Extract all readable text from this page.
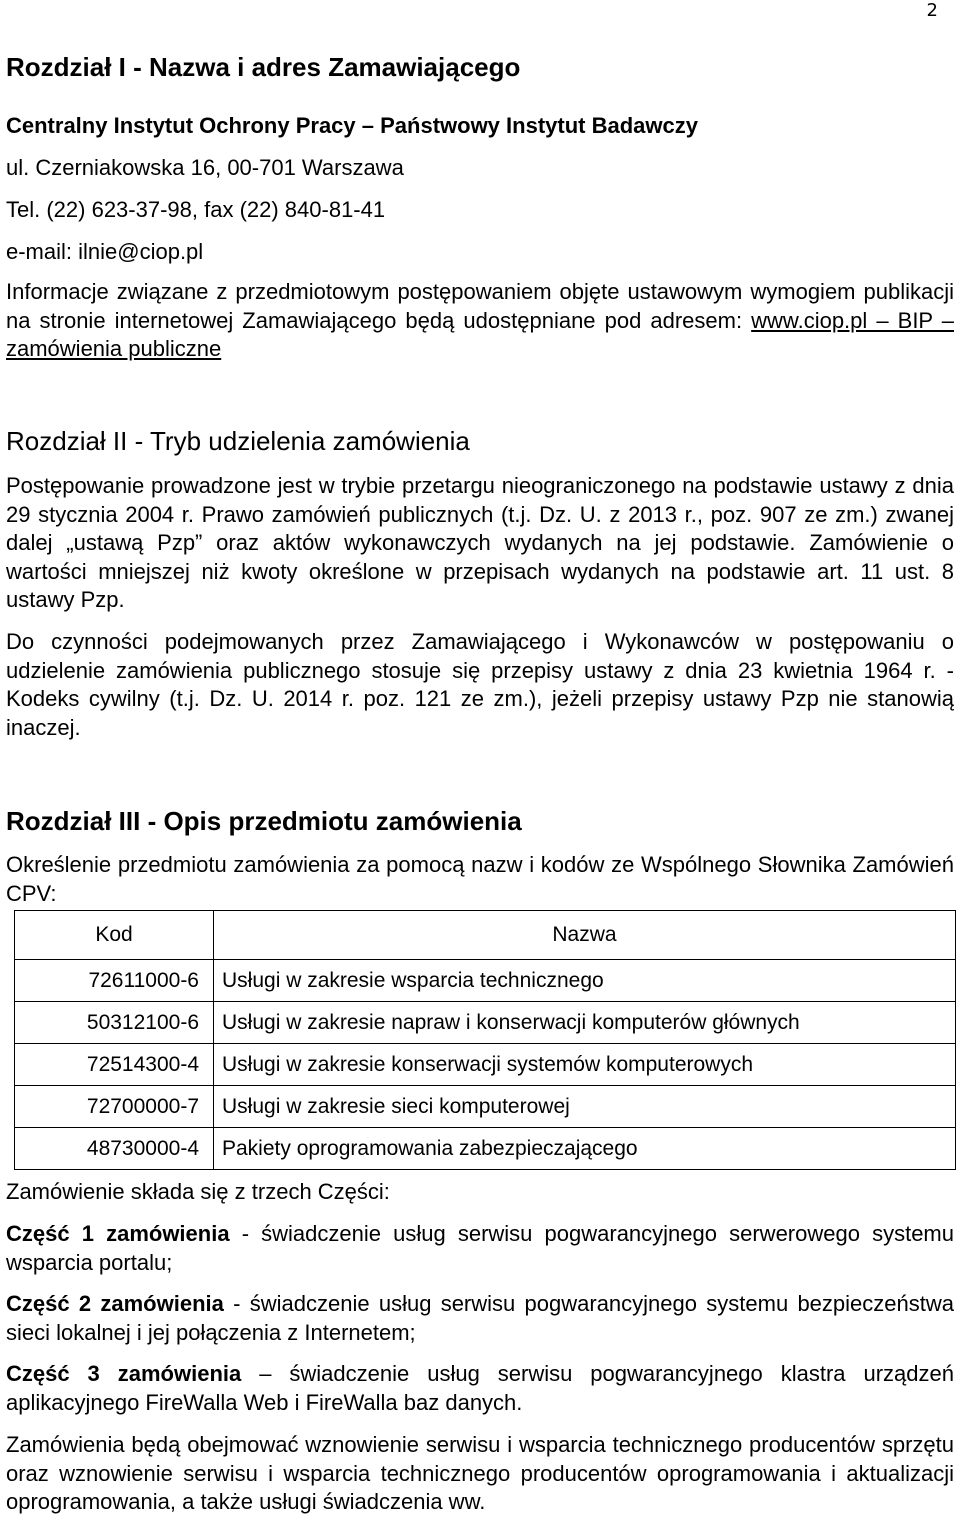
2
Rozdział I - Nazwa i adres Zamawiającego
Centralny Instytut Ochrony Pracy – Państwowy Instytut Badawczy
ul. Czerniakowska 16, 00-701 Warszawa
Tel. (22) 623-37-98, fax (22) 840-81-41
e-mail: ilnie@ciop.pl
Informacje związane z przedmiotowym postępowaniem objęte ustawowym wymogiem publikacji na stronie internetowej Zamawiającego będą udostępniane pod adresem: www.ciop.pl – BIP – zamówienia publiczne
Rozdział II - Tryb udzielenia zamówienia
Postępowanie prowadzone jest w trybie przetargu nieograniczonego na podstawie ustawy z dnia 29 stycznia 2004 r. Prawo zamówień publicznych (t.j. Dz. U. z 2013 r., poz. 907 ze zm.) zwanej dalej „ustawą Pzp” oraz aktów wykonawczych wydanych na jej podstawie. Zamówienie o wartości mniejszej niż kwoty określone w przepisach wydanych na podstawie art. 11 ust. 8 ustawy Pzp.
Do czynności podejmowanych przez Zamawiającego i Wykonawców w postępowaniu o udzielenie zamówienia publicznego stosuje się przepisy ustawy z dnia 23 kwietnia 1964 r. - Kodeks cywilny (t.j. Dz. U. 2014 r. poz. 121 ze zm.), jeżeli przepisy ustawy Pzp nie stanowią inaczej.
Rozdział III - Opis przedmiotu zamówienia
Określenie przedmiotu zamówienia za pomocą nazw i kodów ze Wspólnego Słownika Zamówień CPV:
Kod	Nazwa
72611000-6	Usługi w zakresie wsparcia technicznego
50312100-6	Usługi w zakresie napraw i konserwacji komputerów głównych
72514300-4	Usługi w zakresie konserwacji systemów komputerowych
72700000-7	Usługi w zakresie sieci komputerowej
48730000-4	Pakiety oprogramowania zabezpieczającego
Zamówienie składa się z trzech Części:
Część 1 zamówienia - świadczenie usług serwisu pogwarancyjnego serwerowego systemu wsparcia portalu;
Część 2 zamówienia - świadczenie usług serwisu pogwarancyjnego systemu bezpieczeństwa sieci lokalnej i jej połączenia z Internetem;
Część 3 zamówienia – świadczenie usług serwisu pogwarancyjnego klastra urządzeń aplikacyjnego FireWalla Web i FireWalla baz danych.
Zamówienia będą obejmować wznowienie serwisu i wsparcia technicznego producentów sprzętu oraz wznowienie serwisu i wsparcia technicznego producentów oprogramowania i aktualizacji oprogramowania, a także usługi świadczenia ww.
